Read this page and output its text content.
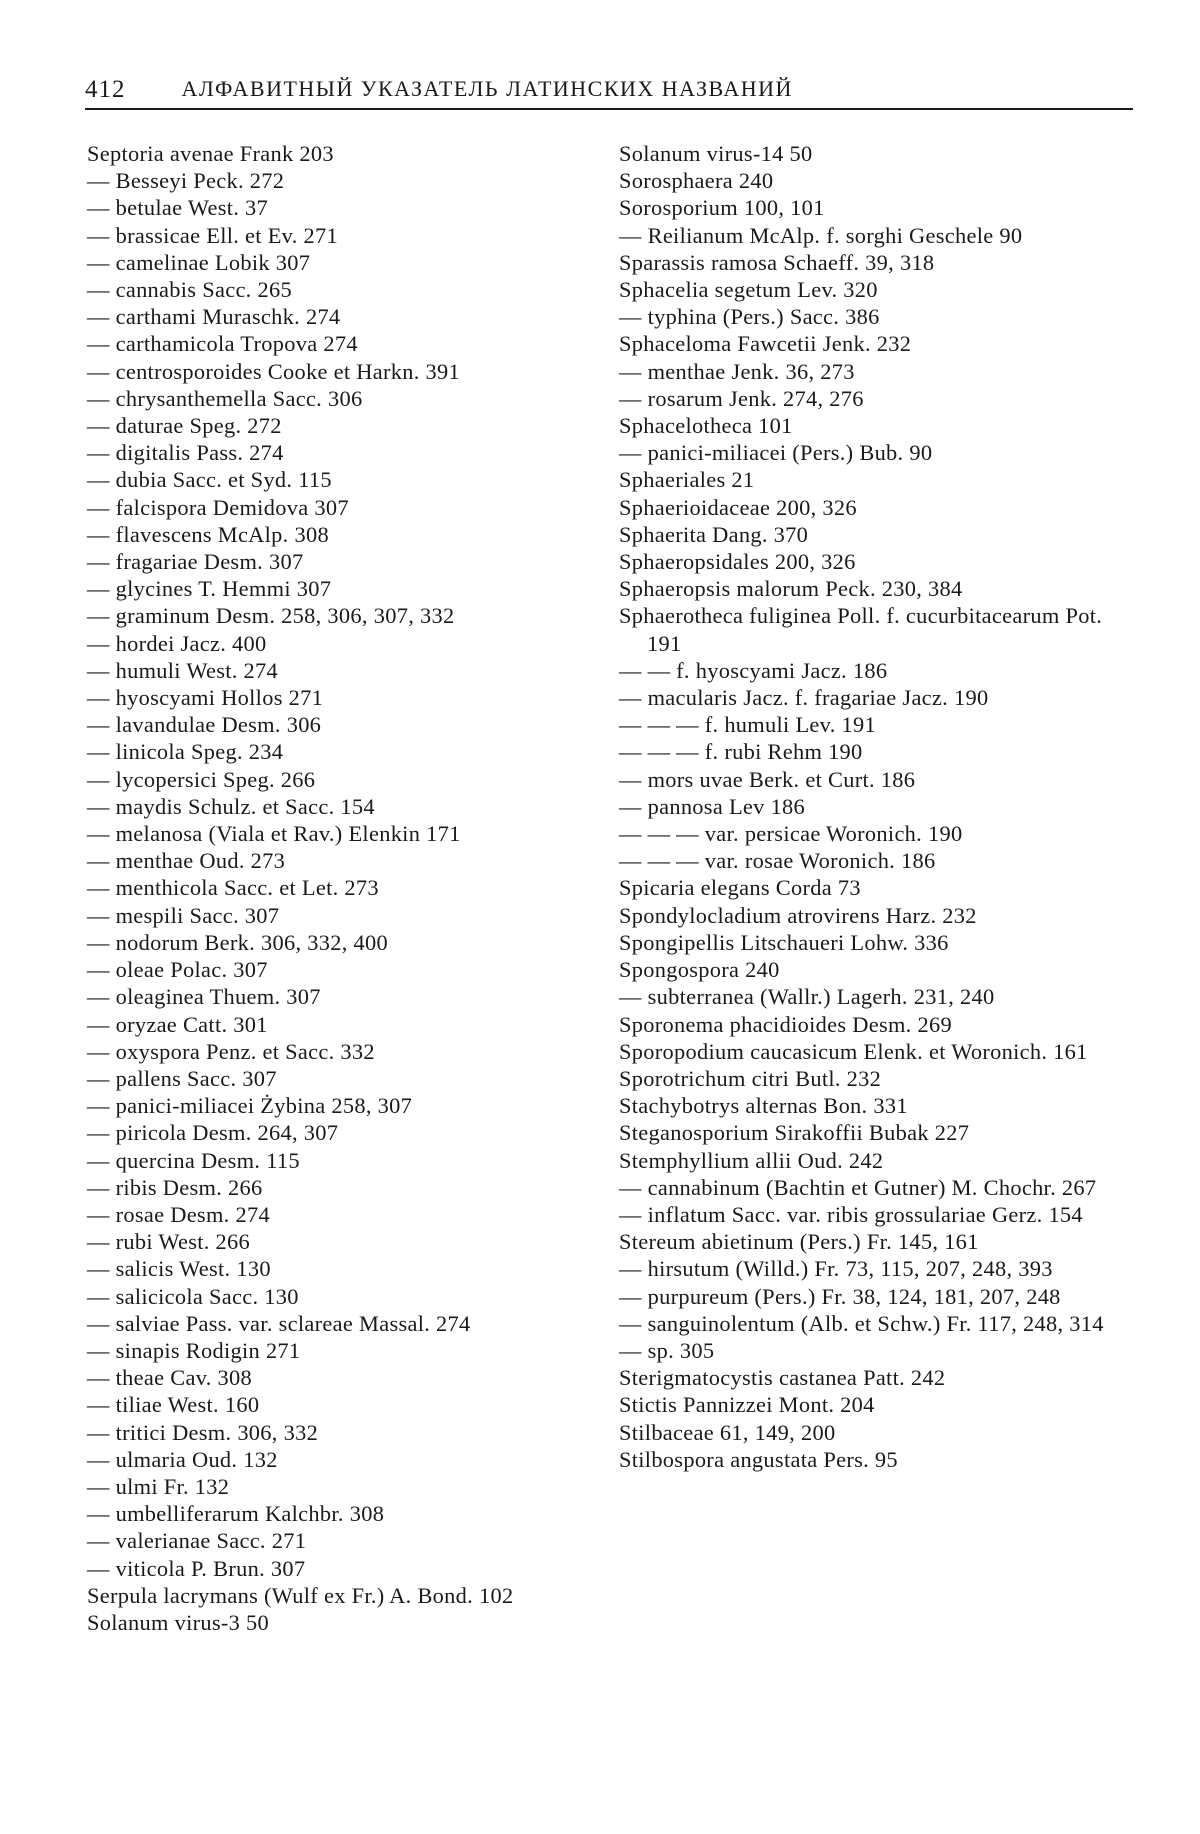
412	АЛФАВИТНЫЙ УКАЗАТЕЛЬ ЛАТИНСКИХ НАЗВАНИЙ
Septoria avenae Frank 203
— Besseyi Peck. 272
— betulae West. 37
— brassicae Ell. et Ev. 271
— camelinae Lobik 307
— cannabis Sacc. 265
— carthami Muraschk. 274
— carthamicola Tropova 274
— centrosporoides Cooke et Harkn. 391
— chrysanthemella Sacc. 306
— daturae Speg. 272
— digitalis Pass. 274
— dubia Sacc. et Syd. 115
— falcispora Demidova 307
— flavescens McAlp. 308
— fragariae Desm. 307
— glycines T. Hemmi 307
— graminum Desm. 258, 306, 307, 332
— hordei Jacz. 400
— humuli West. 274
— hyoscyami Hollos 271
— lavandulae Desm. 306
— linicola Speg. 234
— lycopersici Speg. 266
— maydis Schulz. et Sacc. 154
— melanosa (Viala et Rav.) Elenkin 171
— menthae Oud. 273
— menthicola Sacc. et Let. 273
— mespili Sacc. 307
— nodorum Berk. 306, 332, 400
— oleae Polac. 307
— oleaginea Thuem. 307
— oryzae Catt. 301
— oxyspora Penz. et Sacc. 332
— pallens Sacc. 307
— panici-miliacei Żybina 258, 307
— piricola Desm. 264, 307
— quercina Desm. 115
— ribis Desm. 266
— rosae Desm. 274
— rubi West. 266
— salicis West. 130
— salicicola Sacc. 130
— salviae Pass. var. sclareae Massal. 274
— sinapis Rodigin 271
— theae Cav. 308
— tiliae West. 160
— tritici Desm. 306, 332
— ulmaria Oud. 132
— ulmi Fr. 132
— umbelliferarum Kalchbr. 308
— valerianae Sacc. 271
— viticola P. Brun. 307
Serpula lacrymans (Wulf ex Fr.) A. Bond. 102
Solanum virus-3 50
Solanum virus-14 50
Sorosphaera 240
Sorosporium 100, 101
— Reilianum McAlp. f. sorghi Geschele 90
Sparassis ramosa Schaeff. 39, 318
Sphacelia segetum Lev. 320
— typhina (Pers.) Sacc. 386
Sphaceloma Fawcetii Jenk. 232
— menthae Jenk. 36, 273
— rosarum Jenk. 274, 276
Sphacelotheca 101
— panici-miliacei (Pers.) Bub. 90
Sphaeriales 21
Sphaerioidaceae 200, 326
Sphaerita Dang. 370
Sphaeropsidales 200, 326
Sphaeropsis malorum Peck. 230, 384
Sphaerotheca fuliginea Poll. f. cucurbitacearum Pot. 191
— — f. hyoscyami Jacz. 186
— macularis Jacz. f. fragariae Jacz. 190
— — — f. humuli Lev. 191
— — — f. rubi Rehm 190
— mors uvae Berk. et Curt. 186
— pannosa Lev 186
— — — var. persicae Woronich. 190
— — — var. rosae Woronich. 186
Spicaria elegans Corda 73
Spondylocladium atrovirens Harz. 232
Spongipellis Litschaueri Lohw. 336
Spongospora 240
— subterranea (Wallr.) Lagerh. 231, 240
Sporonema phacidioides Desm. 269
Sporopodium caucasicum Elenk. et Woronich. 161
Sporotrichum citri Butl. 232
Stachybotrys alternas Bon. 331
Steganosporium Sirakoffii Bubak 227
Stemphyllium allii Oud. 242
— cannabinum (Bachtin et Gutner) M. Chochr. 267
— inflatum Sacc. var. ribis grossulariae Gerz. 154
Stereum abietinum (Pers.) Fr. 145, 161
— hirsutum (Willd.) Fr. 73, 115, 207, 248, 393
— purpureum (Pers.) Fr. 38, 124, 181, 207, 248
— sanguinolentum (Alb. et Schw.) Fr. 117, 248, 314
— sp. 305
Sterigmatocystis castanea Patt. 242
Stictis Pannizzei Mont. 204
Stilbaceae 61, 149, 200
Stilbospora angustata Pers. 95
